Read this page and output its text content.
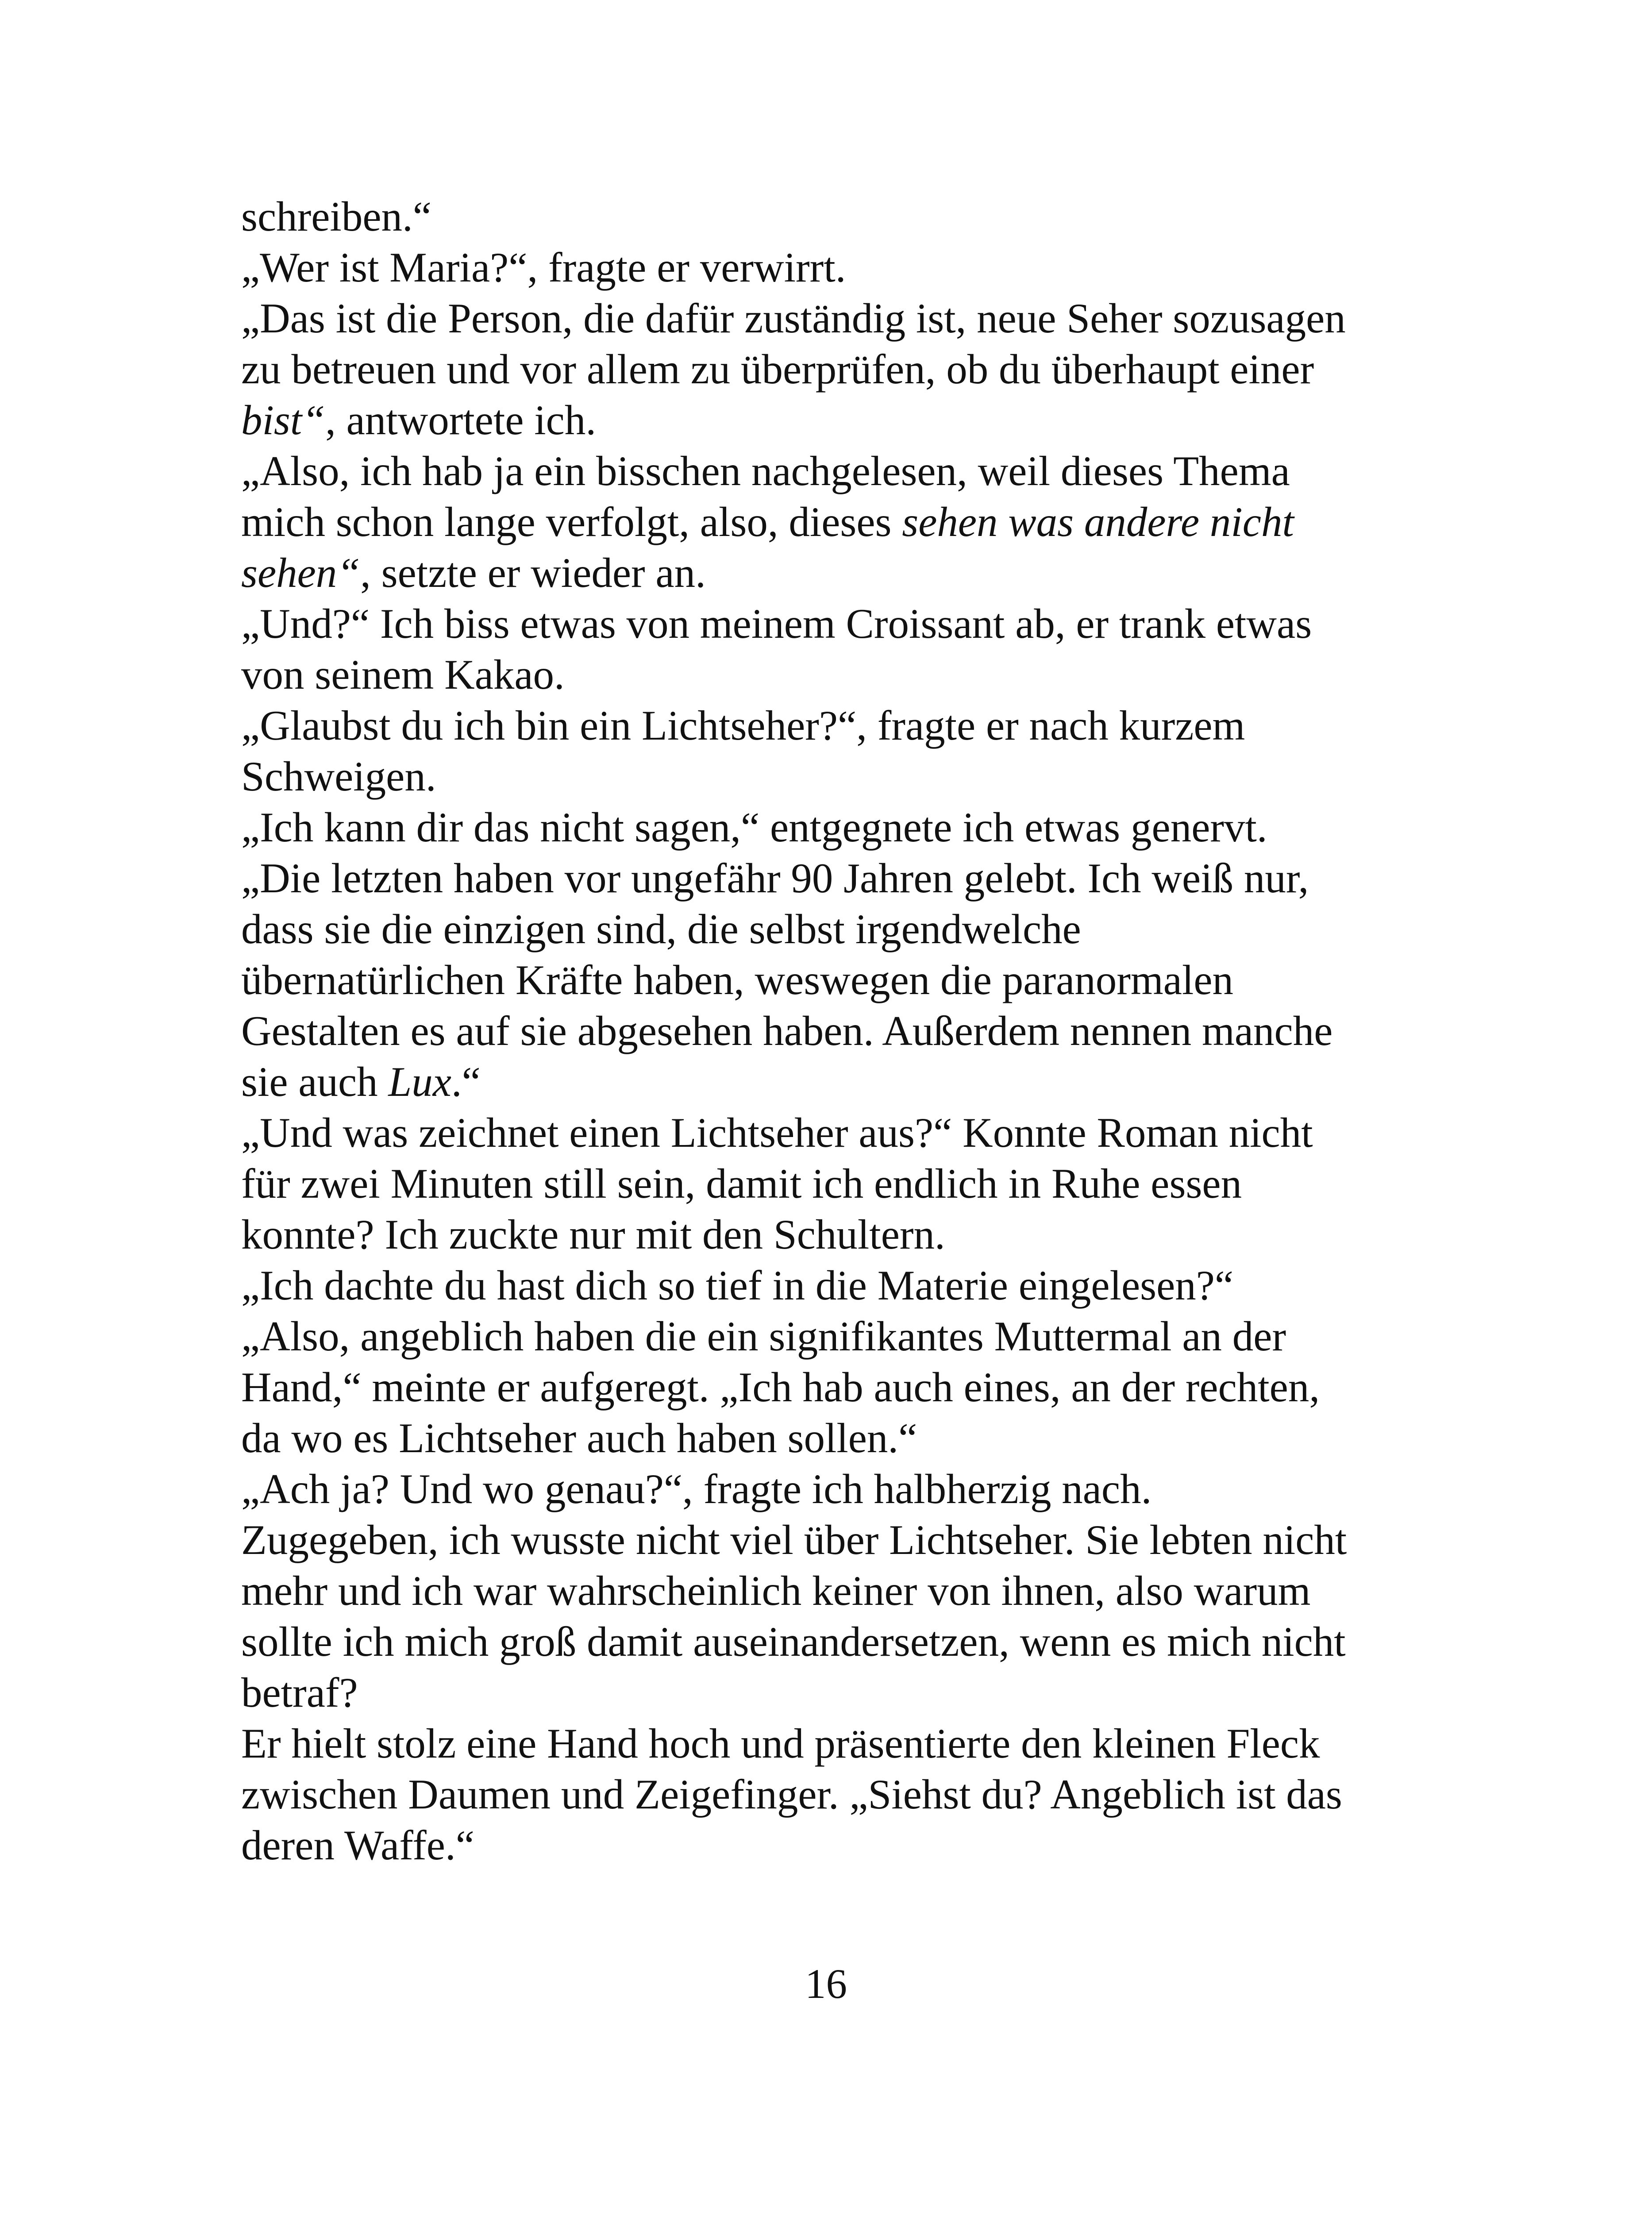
schreiben.“
„Wer ist Maria?“, fragte er verwirrt.
„Das ist die Person, die dafür zuständig ist, neue Seher sozusagen
zu betreuen und vor allem zu überprüfen, ob du überhaupt einer
bist“, antwortete ich.
„Also, ich hab ja ein bisschen nachgelesen, weil dieses Thema
mich schon lange verfolgt, also, dieses sehen was andere nicht
sehen“, setzte er wieder an.
„Und?“ Ich biss etwas von meinem Croissant ab, er trank etwas
von seinem Kakao.
„Glaubst du ich bin ein Lichtseher?“, fragte er nach kurzem
Schweigen.
„Ich kann dir das nicht sagen,“ entgegnete ich etwas genervt.
„Die letzten haben vor ungefähr 90 Jahren gelebt. Ich weiß nur,
dass sie die einzigen sind, die selbst irgendwelche
übernatürlichen Kräfte haben, weswegen die paranormalen
Gestalten es auf sie abgesehen haben. Außerdem nennen manche
sie auch Lux.“
„Und was zeichnet einen Lichtseher aus?“ Konnte Roman nicht
für zwei Minuten still sein, damit ich endlich in Ruhe essen
konnte? Ich zuckte nur mit den Schultern.
„Ich dachte du hast dich so tief in die Materie eingelesen?“
„Also, angeblich haben die ein signifikantes Muttermal an der
Hand,“ meinte er aufgeregt. „Ich hab auch eines, an der rechten,
da wo es Lichtseher auch haben sollen.“
„Ach ja? Und wo genau?“, fragte ich halbherzig nach.
Zugegeben, ich wusste nicht viel über Lichtseher. Sie lebten nicht
mehr und ich war wahrscheinlich keiner von ihnen, also warum
sollte ich mich groß damit auseinandersetzen, wenn es mich nicht
betraf?
Er hielt stolz eine Hand hoch und präsentierte den kleinen Fleck
zwischen Daumen und Zeigefinger. „Siehst du? Angeblich ist das
deren Waffe.“
16
